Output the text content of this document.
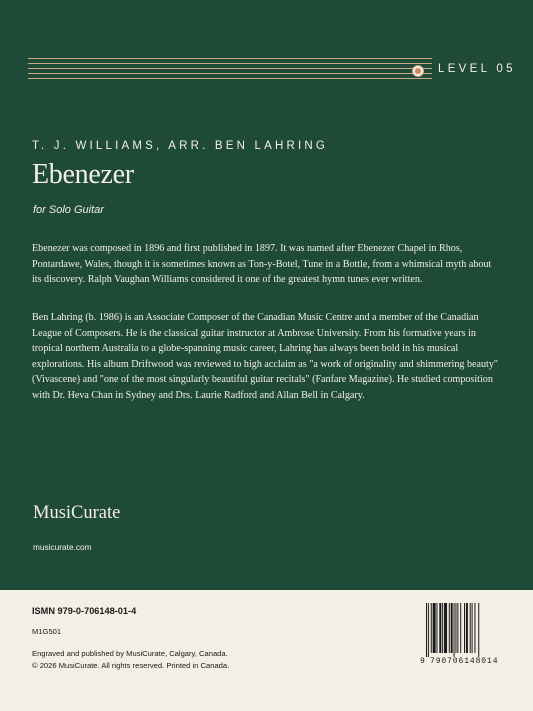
LEVEL 05
T. J. WILLIAMS, ARR. BEN LAHRING
Ebenezer
for Solo Guitar

Ebenezer was composed in 1896 and first published in 1897. It was named after Ebenezer Chapel in Rhos, Pontardawe, Wales, though it is sometimes known as Ton-y-Botel, Tune in a Bottle, from a whimsical myth about its discovery. Ralph Vaughan Williams considered it one of the greatest hymn tunes ever written.

Ben Lahring (b. 1986) is an Associate Composer of the Canadian Music Centre and a member of the Canadian League of Composers. He is the classical guitar instructor at Ambrose University. From his formative years in tropical northern Australia to a globe-spanning music career, Lahring has always been bold in his musical explorations. His album Driftwood was reviewed to high acclaim as "a work of originality and shimmering beauty" (Vivascene) and "one of the most singularly beautiful guitar recitals" (Fanfare Magazine). He studied composition with Dr. Heva Chan in Sydney and Drs. Laurie Radford and Allan Bell in Calgary.

MusiCurate
musicurate.com
ISMN 979-0-706148-01-4
M1G501
Engraved and published by MusiCurate, Calgary, Canada.
© 2026 MusiCurate. All rights reserved. Printed in Canada.	9 790706148014
